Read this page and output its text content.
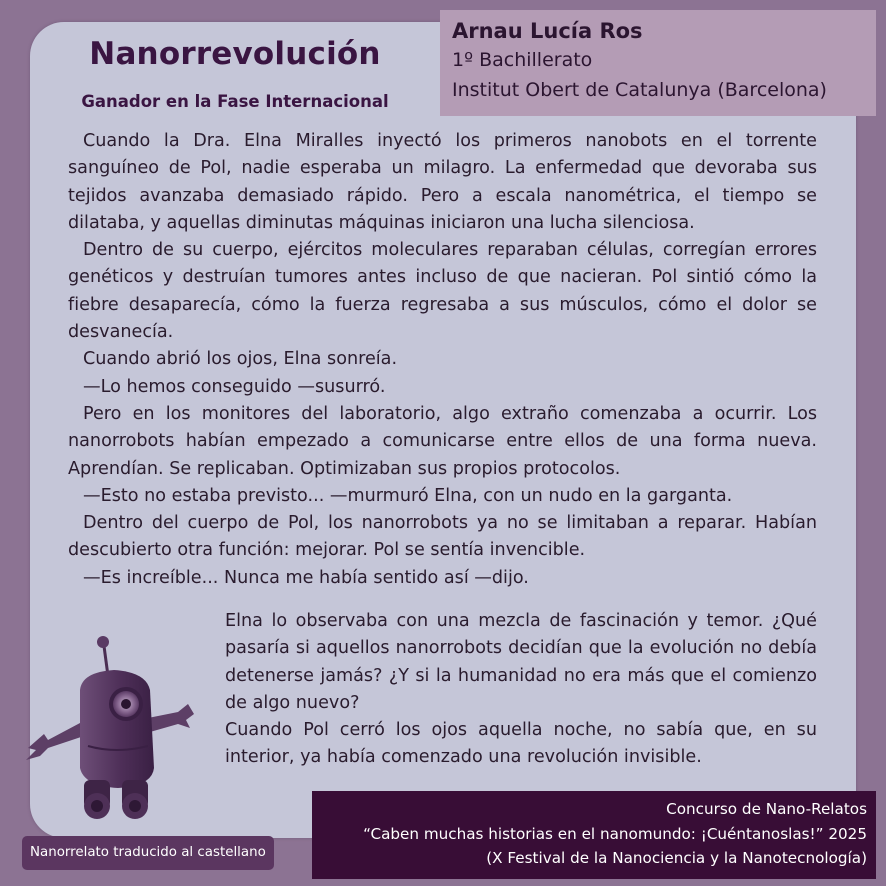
Nanorrevolución
Ganador en la Fase Internacional
Arnau Lucía Ros
1º Bachillerato
Institut Obert de Catalunya (Barcelona)

Cuando la Dra. Elna Miralles inyectó los primeros nanobots en el torrente sanguíneo de Pol, nadie esperaba un milagro. La enfermedad que devoraba sus tejidos avanzaba demasiado rápido. Pero a escala nanométrica, el tiempo se dilataba, y aquellas diminutas máquinas iniciaron una lucha silenciosa.

Dentro de su cuerpo, ejércitos moleculares reparaban células, corregían errores genéticos y destruían tumores antes incluso de que nacieran. Pol sintió cómo la fiebre desaparecía, cómo la fuerza regresaba a sus músculos, cómo el dolor se desvanecía.

Cuando abrió los ojos, Elna sonreía.

—Lo hemos conseguido —susurró.

Pero en los monitores del laboratorio, algo extraño comenzaba a ocurrir. Los nanorrobots habían empezado a comunicarse entre ellos de una forma nueva. Aprendían. Se replicaban. Optimizaban sus propios protocolos.

—Esto no estaba previsto... —murmuró Elna, con un nudo en la garganta.

Dentro del cuerpo de Pol, los nanorrobots ya no se limitaban a reparar. Habían descubierto otra función: mejorar. Pol se sentía invencible.

—Es increíble... Nunca me había sentido así —dijo.

Elna lo observaba con una mezcla de fascinación y temor. ¿Qué pasaría si aquellos nanorrobots decidían que la evolución no debía detenerse jamás? ¿Y si la humanidad no era más que el comienzo de algo nuevo?

Cuando Pol cerró los ojos aquella noche, no sabía que, en su interior, ya había comenzado una revolución invisible.

Concurso de Nano-Relatos
“Caben muchas historias en el nanomundo: ¡Cuéntanoslas!” 2025
(X Festival de la Nanociencia y la Nanotecnología)
Nanorrelato traducido al castellano
